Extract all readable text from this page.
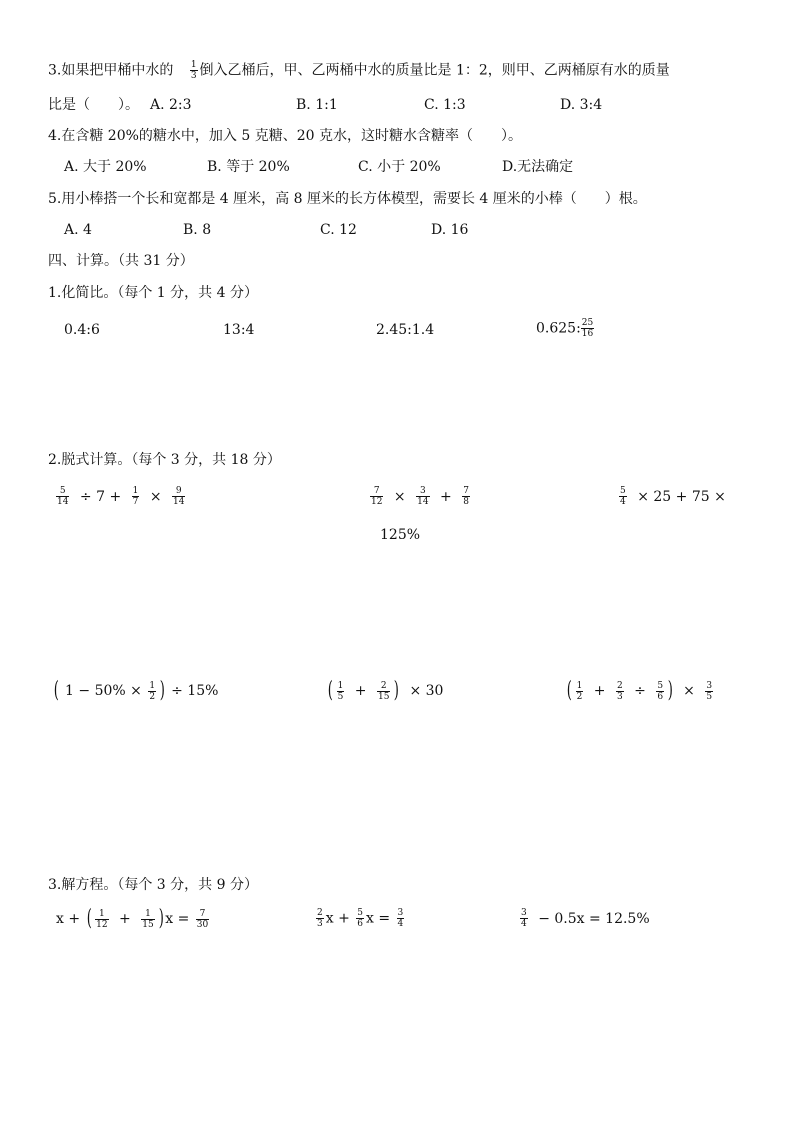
3.如果把甲桶中水的 $\frac{1}{3}$ 倒入乙桶后，甲、乙两桶中水的质量比是 1：2，则甲、乙两桶原有水的质量
比是（　　）。 A. 2:3	B. 1:1	C. 1:3	D. 3:4
4.在含糖 20%的糖水中，加入 5 克糖、20 克水，这时糖水含糖率（　　）。
A. 大于 20%	B. 等于 20%	C. 小于 20%	D.无法确定
5.用小棒搭一个长和宽都是 4 厘米，高 8 厘米的长方体模型，需要长 4 厘米的小棒（　　）根。
A. 4	B. 8	C. 12	D. 16
四、计算。（共 31 分）
1.化简比。（每个 1 分，共 4 分）
0.4:6	13:4	2.45:1.4	0.625: $\frac{25}{16}$
2.脱式计算。（每个 3 分，共 18 分）
$\frac{5}{14} \div 7 + \frac{1}{7} \times \frac{9}{14}$	$\frac{7}{12} \times \frac{3}{14} + \frac{7}{8}$	$\frac{5}{4} \times 25 + 75$ ×
125%
( $1 - 50\% \times \frac{1}{2}$ ) ÷ 15%	( $\frac{1}{5} + \frac{2}{15}$ ) × 30	( $\frac{1}{2} + \frac{2}{3} \div \frac{5}{6}$ ) × $\frac{3}{5}$
3.解方程。（每个 3 分，共 9 分）
x + ( $\frac{1}{12} + \frac{1}{15}$ ) $x = \frac{7}{30}$	$\frac{2}{3}$ $x + \frac{5}{6}$ $x = \frac{3}{4}$	$\frac{3}{4} - 0.5x = 12.5\%$
